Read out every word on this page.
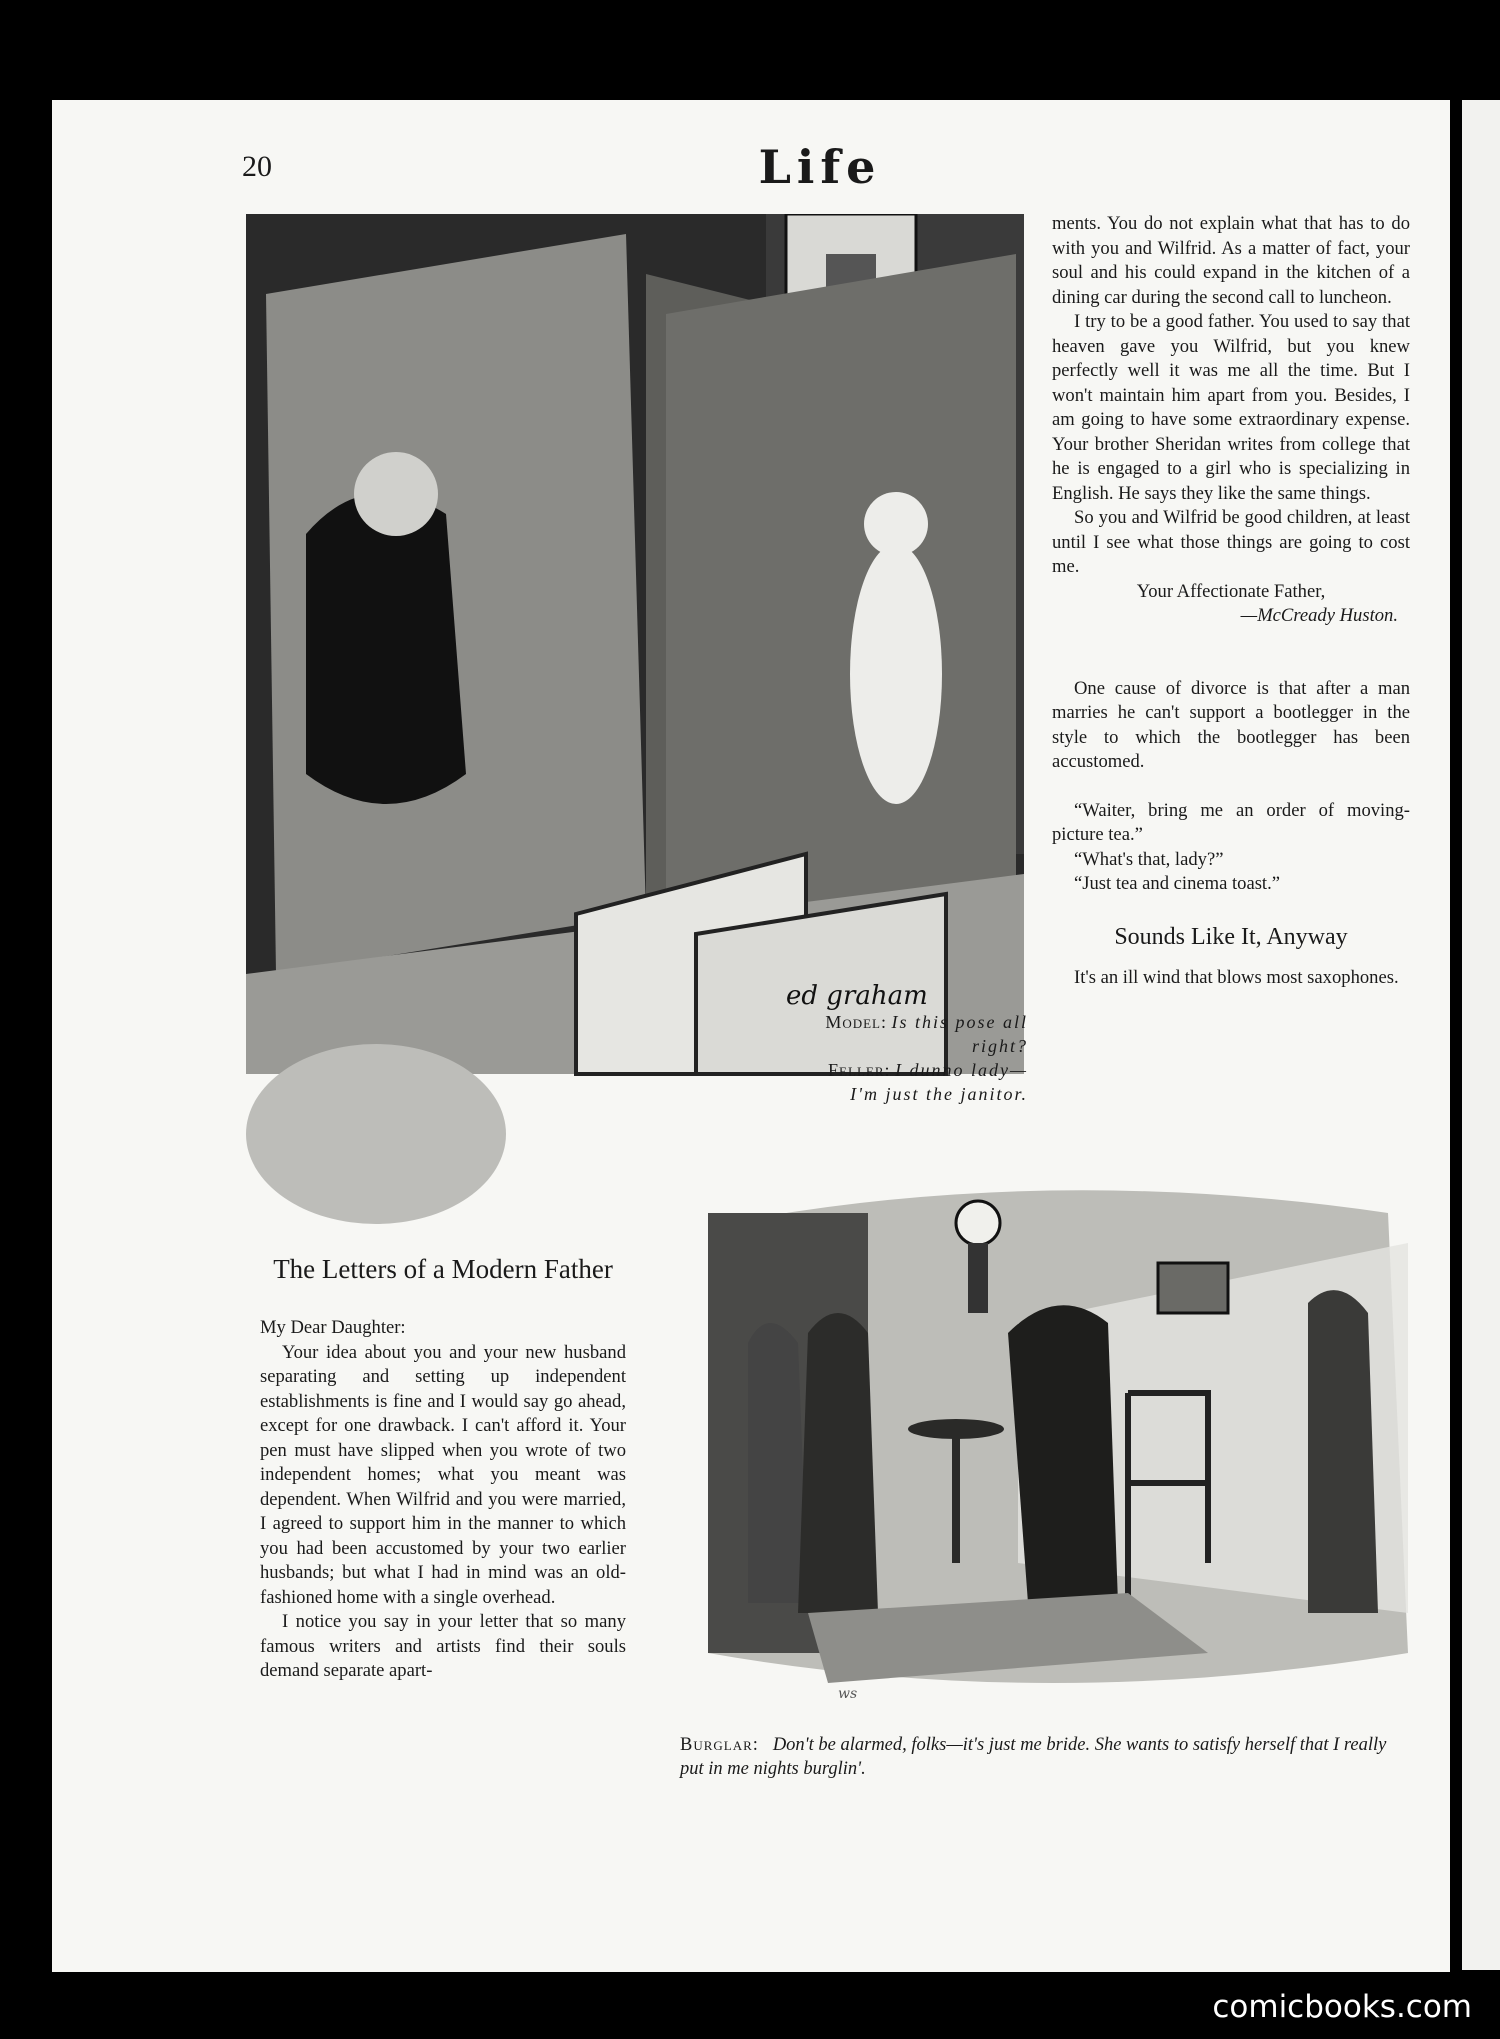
20	Life
ed graham
Model: Is this pose all right?
Feller: I dunno lady—I'm just the janitor.

ments. You do not explain what that has to do with you and Wilfrid. As a matter of fact, your soul and his could expand in the kitchen of a dining car during the second call to luncheon.

I try to be a good father. You used to say that heaven gave you Wilfrid, but you knew perfectly well it was me all the time. But I won't maintain him apart from you. Besides, I am going to have some extraordinary expense. Your brother Sheridan writes from college that he is engaged to a girl who is specializing in English. He says they like the same things.

So you and Wilfrid be good children, at least until I see what those things are going to cost me.

Your Affectionate Father,

—McCready Huston.

One cause of divorce is that after a man marries he can't support a bootlegger in the style to which the bootlegger has been accustomed.

“Waiter, bring me an order of moving-picture tea.”

“What's that, lady?”

“Just tea and cinema toast.”

Sounds Like It, Anyway

It's an ill wind that blows most saxophones.

The Letters of a Modern Father

My Dear Daughter:

Your idea about you and your new husband separating and setting up independent establishments is fine and I would say go ahead, except for one drawback. I can't afford it. Your pen must have slipped when you wrote of two independent homes; what you meant was dependent. When Wilfrid and you were married, I agreed to support him in the manner to which you had been accustomed by your two earlier husbands; but what I had in mind was an old-fashioned home with a single overhead.

I notice you say in your letter that so many famous writers and artists find their souls demand separate apart-

ws
Burglar: Don't be alarmed, folks—it's just me bride. She wants to satisfy herself that I really put in me nights burglin'.
comicbooks.com
